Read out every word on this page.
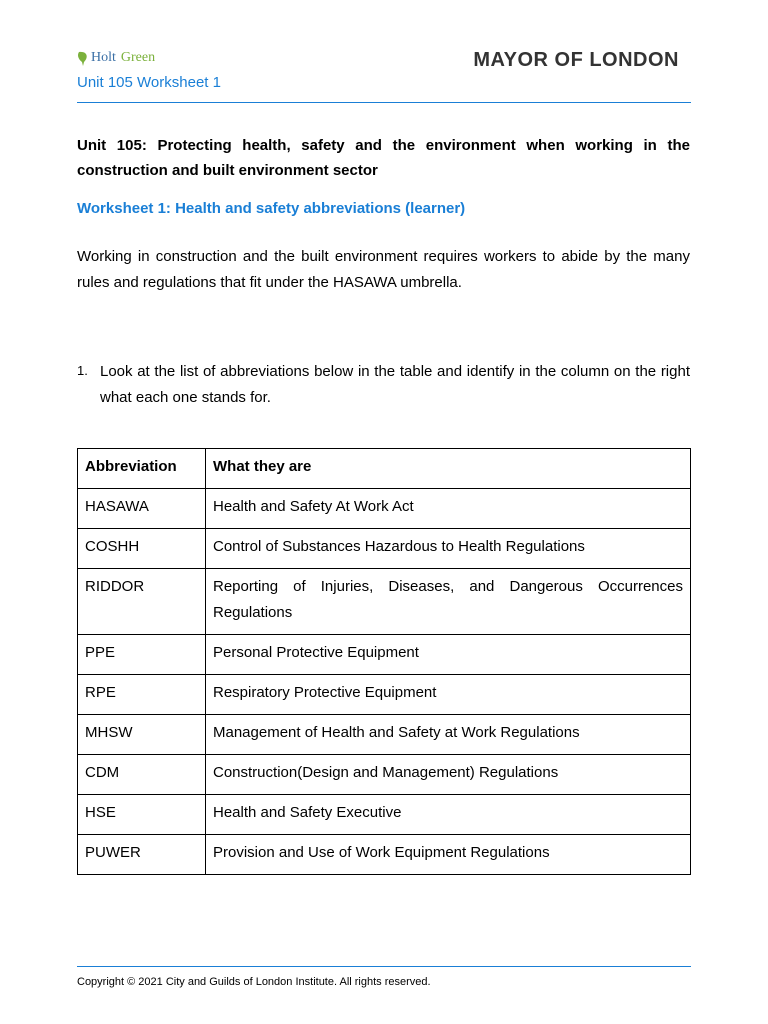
Holt Green
Unit 105 Worksheet 1
MAYOR OF LONDON
Unit 105: Protecting health, safety and the environment when working in the construction and built environment sector
Worksheet 1: Health and safety abbreviations (learner)
Working in construction and the built environment requires workers to abide by the many rules and regulations that fit under the HASAWA umbrella.
1. Look at the list of abbreviations below in the table and identify in the column on the right what each one stands for.
Abbreviation	What they are
HASAWA	Health and Safety At Work Act
COSHH	Control of Substances Hazardous to Health Regulations
RIDDOR	Reporting of Injuries, Diseases, and Dangerous Occurrences Regulations
PPE	Personal Protective Equipment
RPE	Respiratory Protective Equipment
MHSW	Management of Health and Safety at Work Regulations
CDM	Construction(Design and Management) Regulations
HSE	Health and Safety Executive
PUWER	Provision and Use of Work Equipment Regulations
Copyright © 2021 City and Guilds of London Institute. All rights reserved.
